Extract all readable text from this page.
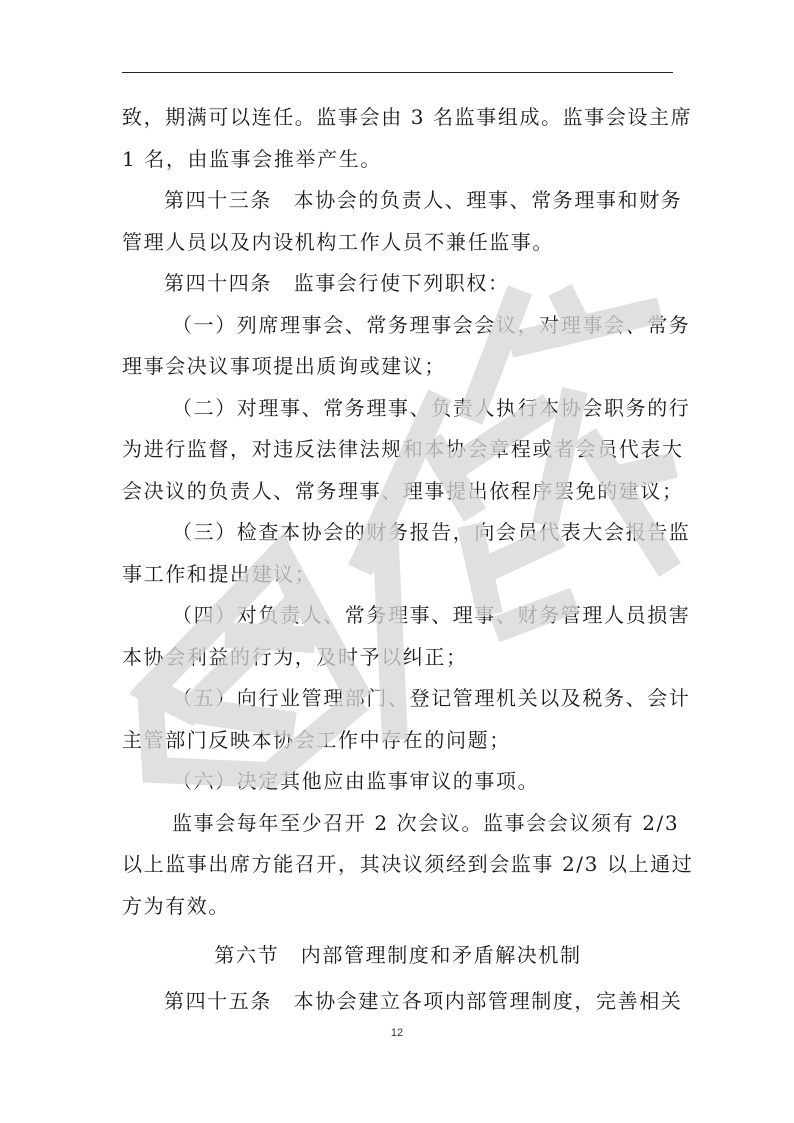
致，期满可以连任。监事会由 3 名监事组成。监事会设主席
1 名，由监事会推举产生。
第四十三条　本协会的负责人、理事、常务理事和财务
管理人员以及内设机构工作人员不兼任监事。
第四十四条　监事会行使下列职权：
（一）列席理事会、常务理事会会议，对理事会、常务
理事会决议事项提出质询或建议；
（二）对理事、常务理事、负责人执行本协会职务的行
为进行监督，对违反法律法规和本协会章程或者会员代表大
会决议的负责人、常务理事、理事提出依程序罢免的建议；
（三）检查本协会的财务报告，向会员代表大会报告监
事工作和提出建议；
（四）对负责人、常务理事、理事、财务管理人员损害
本协会利益的行为，及时予以纠正；
（五）向行业管理部门、登记管理机关以及税务、会计
主管部门反映本协会工作中存在的问题；
（六）决定其他应由监事审议的事项。
监事会每年至少召开 2 次会议。监事会会议须有 2/3
以上监事出席方能召开，其决议须经到会监事 2/3 以上通过
方为有效。
第六节　内部管理制度和矛盾解决机制
第四十五条　本协会建立各项内部管理制度，完善相关
12
